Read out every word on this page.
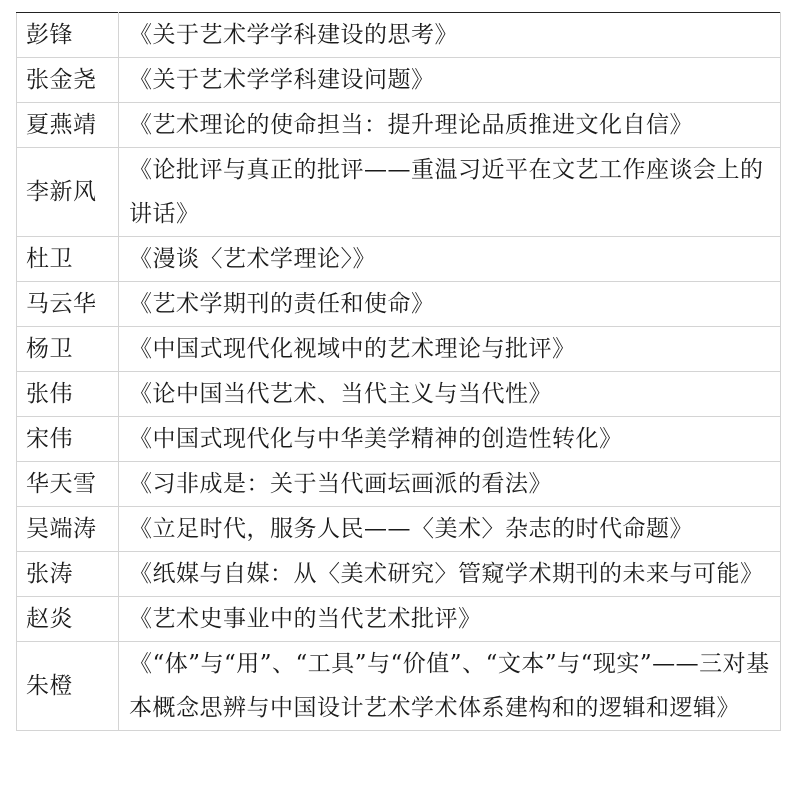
彭锋	《关于艺术学学科建设的思考》
张金尧	《关于艺术学学科建设问题》
夏燕靖	《艺术理论的使命担当：提升理论品质推进文化自信》
李新风	《论批评与真正的批评——重温习近平在文艺工作座谈会上的讲话》
杜卫	《漫谈〈艺术学理论〉》
马云华	《艺术学期刊的责任和使命》
杨卫	《中国式现代化视域中的艺术理论与批评》
张伟	《论中国当代艺术、当代主义与当代性》
宋伟	《中国式现代化与中华美学精神的创造性转化》
华天雪	《习非成是：关于当代画坛画派的看法》
吴端涛	《立足时代，服务人民——〈美术〉杂志的时代命题》
张涛	《纸媒与自媒：从〈美术研究〉管窥学术期刊的未来与可能》
赵炎	《艺术史事业中的当代艺术批评》
朱橙	《“体”与“用”、“工具”与“价值”、“文本”与“现实”——三对基本概念思辨与中国设计艺术学术体系建构和的逻辑和逻辑》
